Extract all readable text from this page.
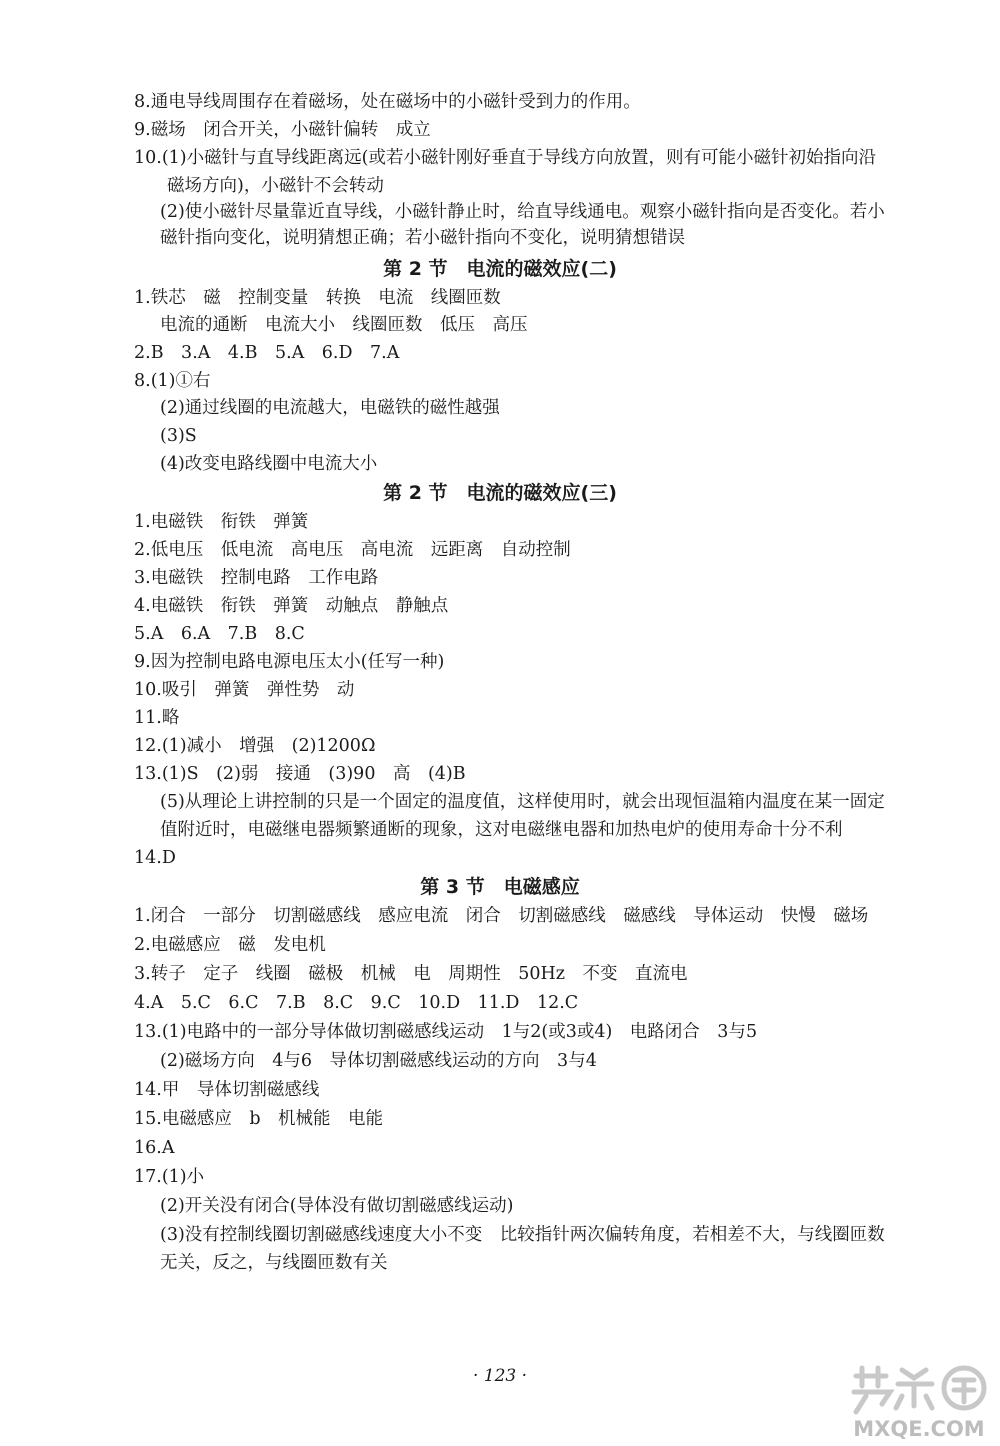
8.通电导线周围存在着磁场，处在磁场中的小磁针受到力的作用。
9.磁场　闭合开关，小磁针偏转　成立
10.(1)小磁针与直导线距离远(或若小磁针刚好垂直于导线方向放置，则有可能小磁针初始指向沿
磁场方向)，小磁针不会转动
(2)使小磁针尽量靠近直导线，小磁针静止时，给直导线通电。观察小磁针指向是否变化。若小
磁针指向变化，说明猜想正确；若小磁针指向不变化，说明猜想错误
第 2 节　电流的磁效应(二)
1.铁芯　磁　控制变量　转换　电流　线圈匝数
电流的通断　电流大小　线圈匝数　低压　高压
2.B　3.A　4.B　5.A　6.D　7.A
8.(1)①右
(2)通过线圈的电流越大，电磁铁的磁性越强
(3)S
(4)改变电路线圈中电流大小
第 2 节　电流的磁效应(三)
1.电磁铁　衔铁　弹簧
2.低电压　低电流　高电压　高电流　远距离　自动控制
3.电磁铁　控制电路　工作电路
4.电磁铁　衔铁　弹簧　动触点　静触点
5.A　6.A　7.B　8.C
9.因为控制电路电源电压太小(任写一种)
10.吸引　弹簧　弹性势　动
11.略
12.(1)减小　增强　(2)1200Ω
13.(1)S　(2)弱　接通　(3)90　高　(4)B
(5)从理论上讲控制的只是一个固定的温度值，这样使用时，就会出现恒温箱内温度在某一固定
值附近时，电磁继电器频繁通断的现象，这对电磁继电器和加热电炉的使用寿命十分不利
14.D
第 3 节　电磁感应
1.闭合　一部分　切割磁感线　感应电流　闭合　切割磁感线　磁感线　导体运动　快慢　磁场
2.电磁感应　磁　发电机
3.转子　定子　线圈　磁极　机械　电　周期性　50Hz　不变　直流电
4.A　5.C　6.C　7.B　8.C　9.C　10.D　11.D　12.C
13.(1)电路中的一部分导体做切割磁感线运动　1与2(或3或4)　电路闭合　3与5
(2)磁场方向　4与6　导体切割磁感线运动的方向　3与4
14.甲　导体切割磁感线
15.电磁感应　b　机械能　电能
16.A
17.(1)小
(2)开关没有闭合(导体没有做切割磁感线运动)
(3)没有控制线圈切割磁感线速度大小不变　比较指针两次偏转角度，若相差不大，与线圈匝数
无关，反之，与线圈匝数有关
· 123 ·
MXQE.COM
